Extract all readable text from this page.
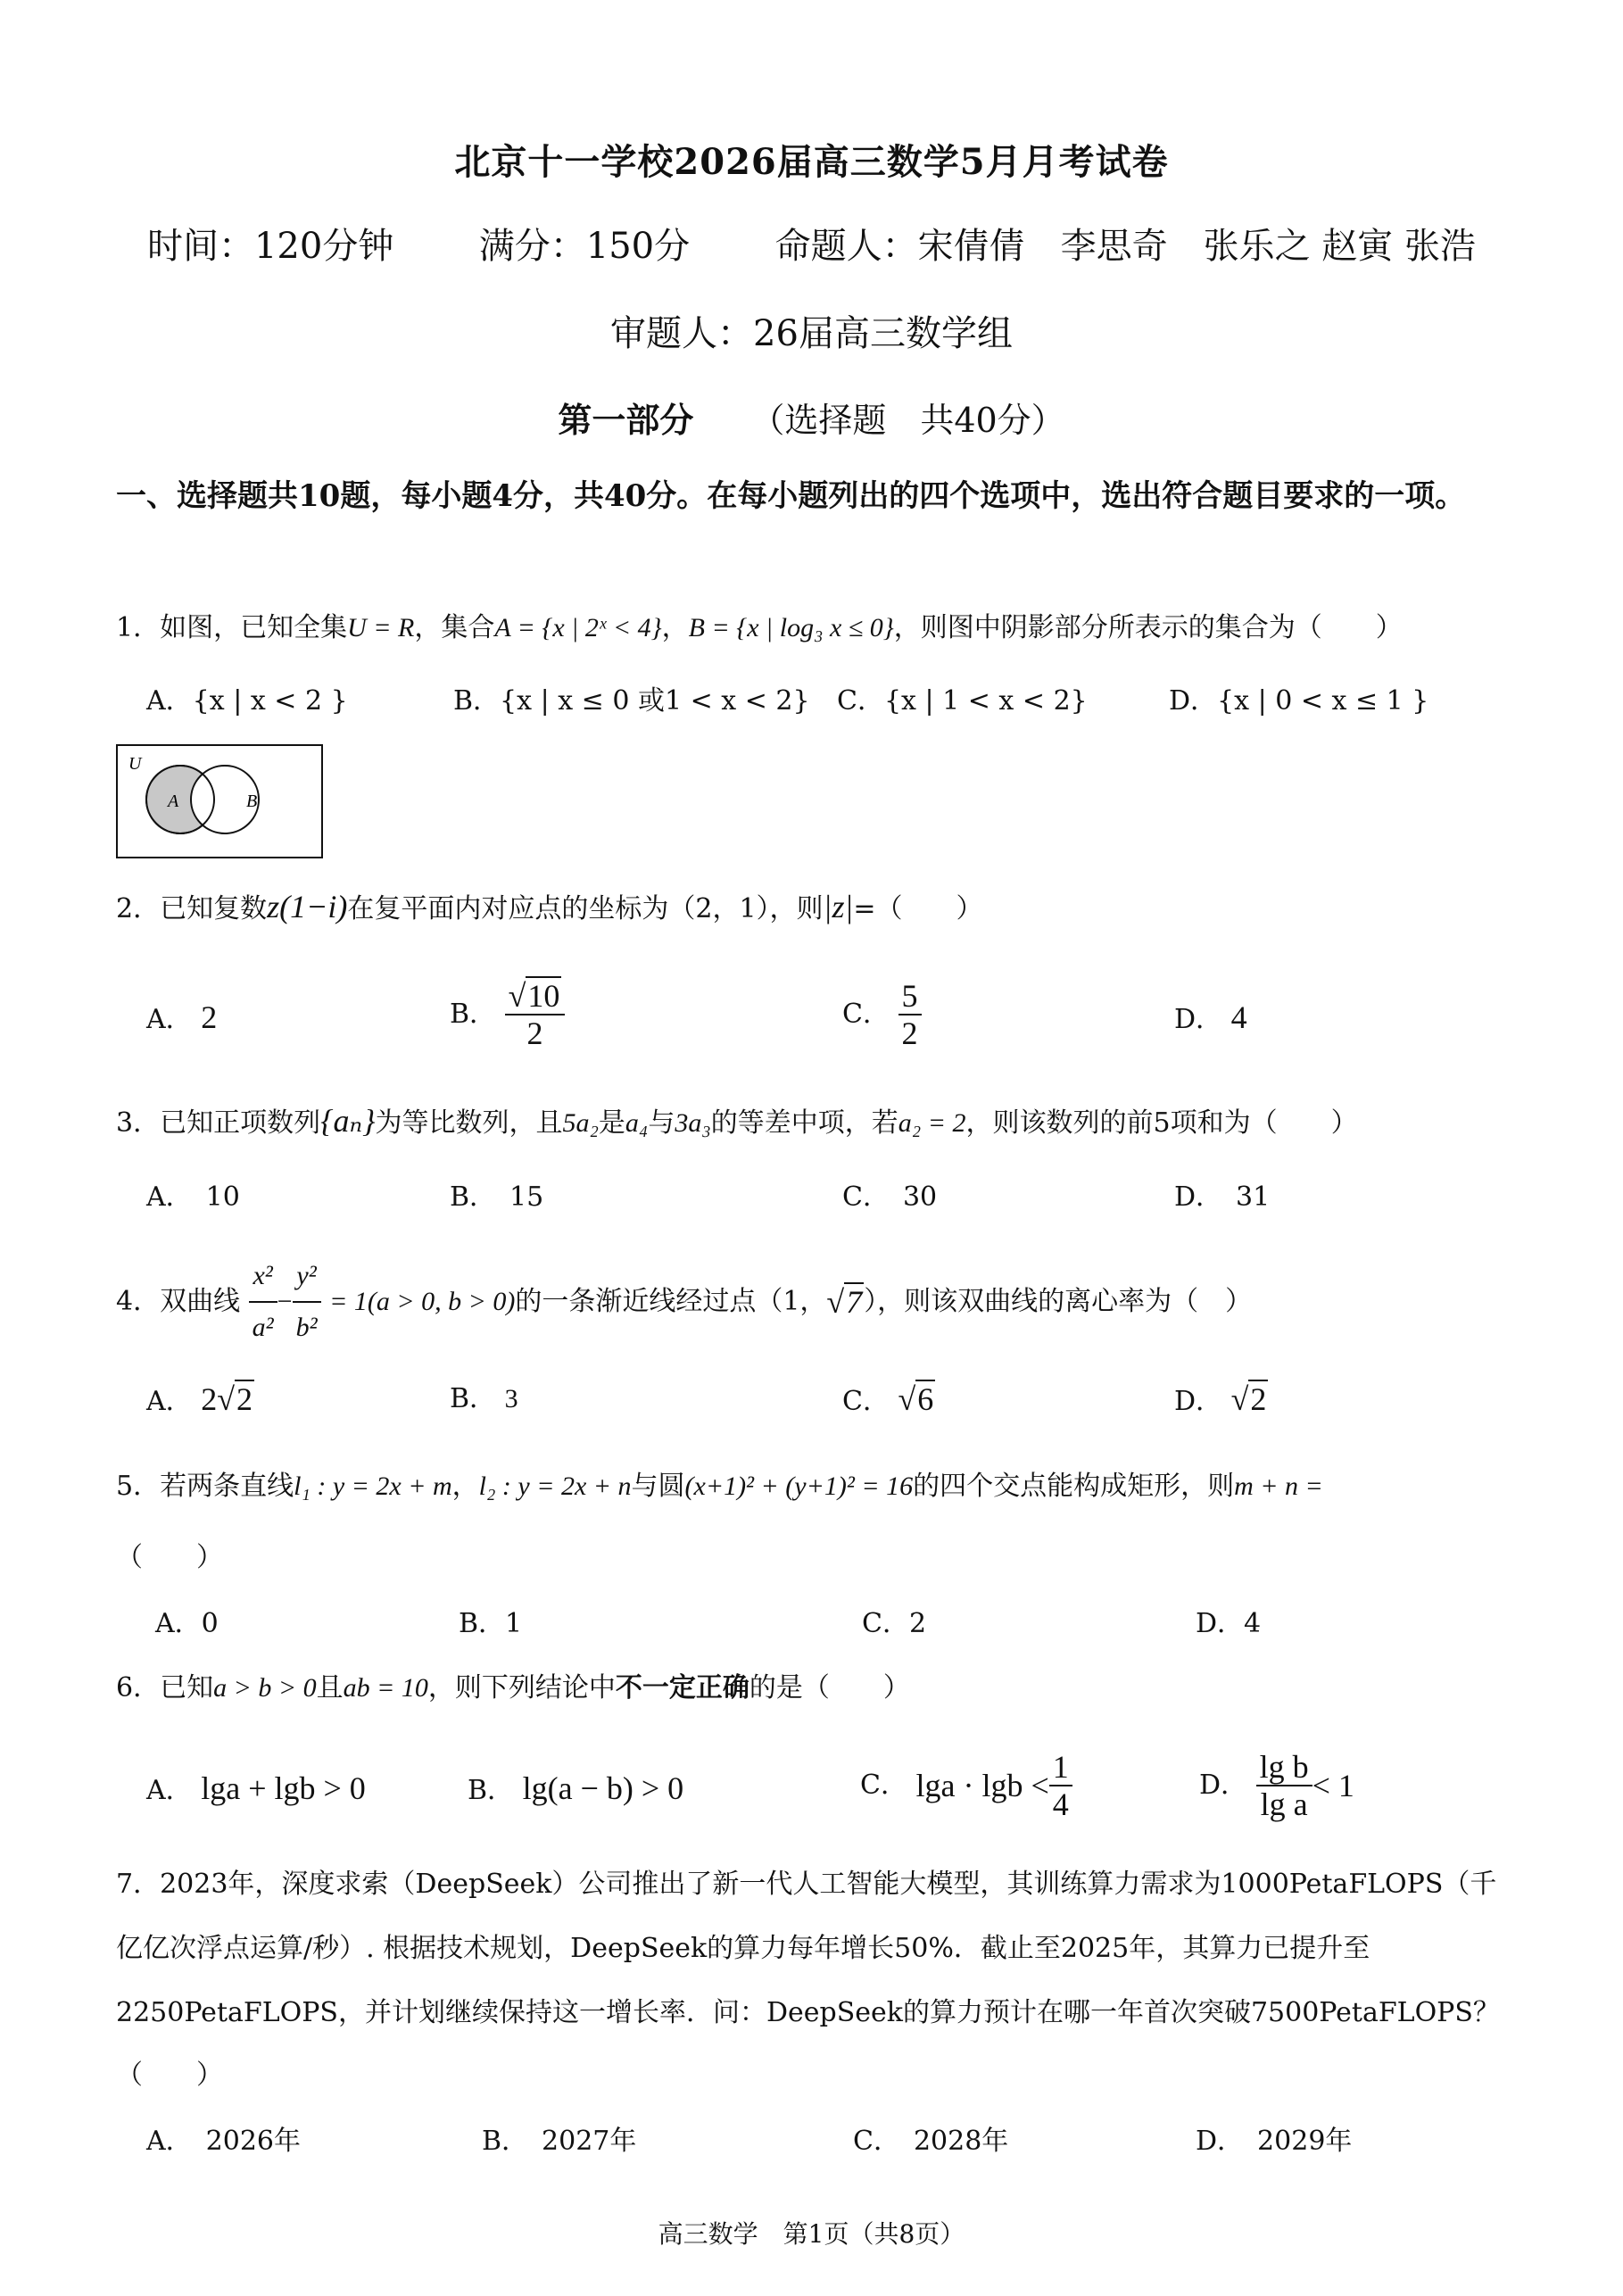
北京十一学校2026届高三数学5月月考试卷
时间：120分钟 满分：150分 命题人：宋倩倩　李思奇　张乐之 赵寅 张浩
审题人：26届高三数学组
第一部分 （选择题　共40分）
一、选择题共10题，每小题4分，共40分。在每小题列出的四个选项中，选出符合题目要求的一项。
1．如图，已知全集U = R，集合A = {x | 2ˣ < 4}，B = {x | log₃ x ≤ 0}，则图中阴影部分所表示的集合为（　　）
A．{x | x < 2 }	B．{x | x ≤ 0 或1 < x < 2} C．{x | 1 < x < 2}	D．{x | 0 < x ≤ 1 }
U
A	B
2．已知复数z(1−i)在复平面内对应点的坐标为（2，1），则|z|=（　　）
A． 2	B． $\frac{√10}{2}$	C． $\frac{5}{2}$	D． 4
3．已知正项数列{aₙ}为等比数列，且5a₂是a₄与3a₃的等差中项，若a₂ = 2，则该数列的前5项和为（　　）
A．　10	B．　15	C．　30	D．　31
4．双曲线 $\frac{\text{x²}}{\text{a²}} - \frac{\text{y²}}{\text{b²}} = 1(a > 0$, b > 0)的一条渐近线经过点（1，√7），则该双曲线的离心率为（　）
A． 2√2	B． 3	C． √6	D． √2
5．若两条直线l₁ : y = 2x + m，l₂ : y = 2x + n与圆(x+1)² + (y+1)² = 16的四个交点能构成矩形，则m + n =
（　　）
A．0	B．1	C．2	D．4
6．已知a > b > 0且ab = 10，则下列结论中不一定正确的是（　　）
A． lga + lgb > 0	B． lg(a − b) > 0	C． $\lg a \cdot \lg b < \frac{1}{4}$	D． $\frac{\text{lg b}}{\text{lg a}} < 1$
7．2023年，深度求索（DeepSeek）公司推出了新一代人工智能大模型，其训练算力需求为1000PetaFLOPS（千
亿亿次浮点运算/秒）. 根据技术规划，DeepSeek的算力每年增长50%．截止至2025年，其算力已提升至
2250PetaFLOPS，并计划继续保持这一增长率．问：DeepSeek的算力预计在哪一年首次突破7500PetaFLOPS？
（　　）
A．　2026年	B．　2027年	C．　2028年	D．　2029年
高三数学　第1页（共8页）
